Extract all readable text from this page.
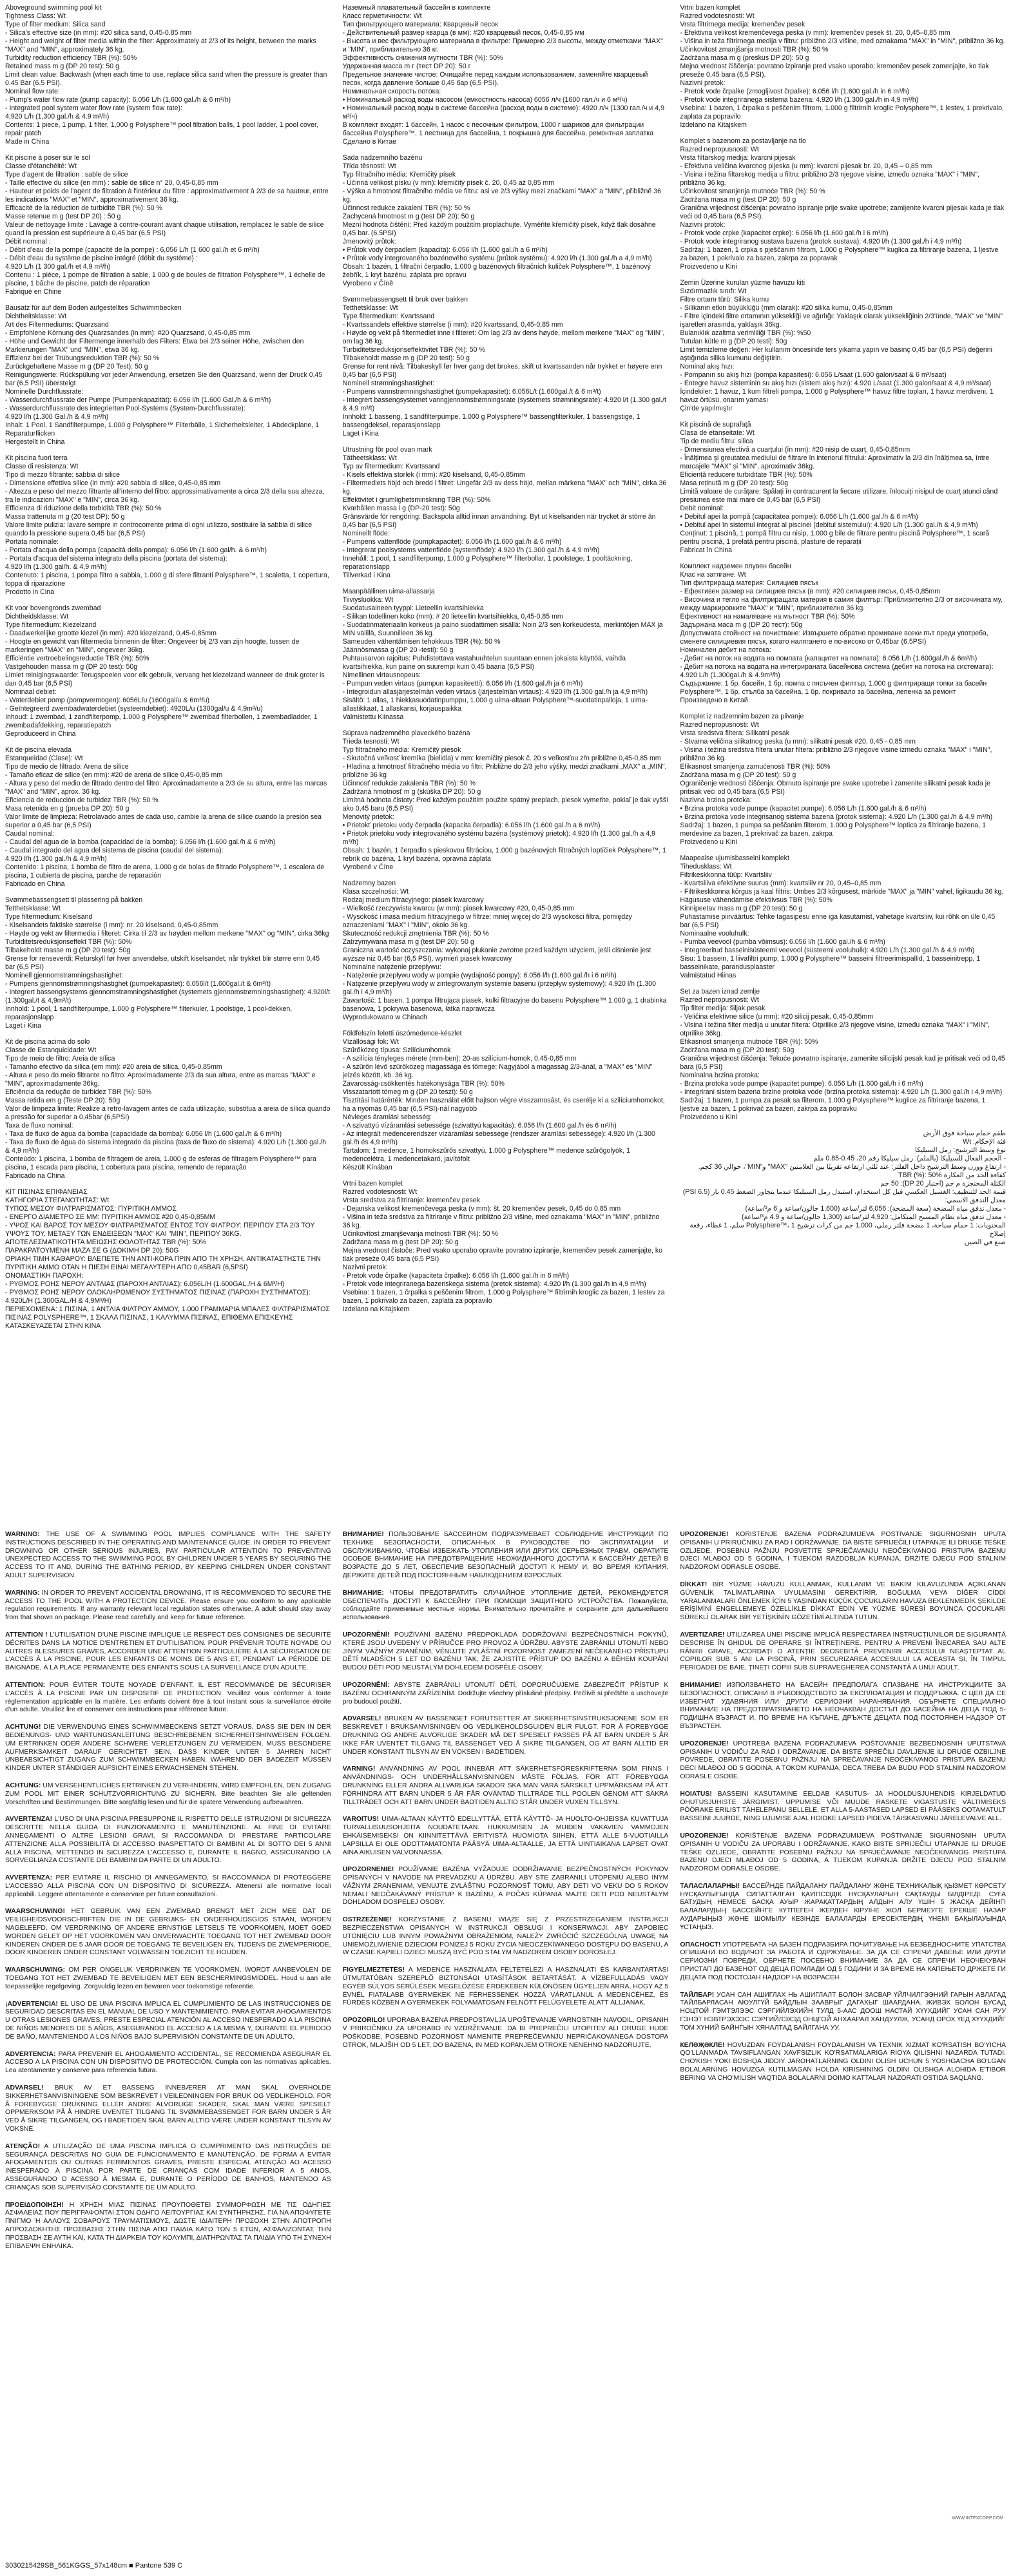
Aboveground swimming pool kit
Tightness Class: Wt
Type of filter medium: Silica sand
- Silica's effective size (in mm): #20 silica sand, 0.45-0.85 mm
- Height and weight of filter media within the filter: Approximately at 2/3 of its height, between the marks "MAX" and "MIN", approximately 36 kg.
Turbidity reduction efficiency TBR (%): 50%
Retained mass m g (DP 20 test): 50 g
Limit clean value: Backwash (when each time to use, replace silica sand when the pressure is greater than 0.45 Bar (6.5 PSI).
Nominal flow rate:
- Pump's water flow rate (pump capacity): 6,056 L/h (1,600 gal./h & 6 m³/h)
- Integrated pool system water flow rate (system flow rate):
4,920 L/h (1,300 gal./h & 4.9 m³/h)
Contents: 1 piece, 1 pump, 1 filter, 1,000 g Polysphere™ pool filtration balls, 1 pool ladder, 1 pool cover, repair patch
Made in China
Kit piscine à poser sur le sol
Classe d'étanchéité: Wt
Type d'agent de filtration : sable de silice
- Taille effective du silice (en mm) : sable de silice n° 20, 0,45-0,85 mm
- Hauteur et poids de l'agent de filtration à l'intérieur du filtre : approximativement à 2/3 de sa hauteur, entre les indications "MAX" et "MIN", approximativement 36 kg.
Efficacité de la réduction de turbidité TBR (%): 50 %
Masse retenue m g (test DP 20) : 50 g
Valeur de nettoyage limite : Lavage à contre-courant avant chaque utilisation, remplacez le sable de silice quand la pression est supérieure à 0,45 bar (6,5 PSI)
Débit nominal :
- Débit d'eau de la pompe (capacité de la pompe) : 6,056 L/h (1 600 gal./h et 6 m³/h)
- Débit d'eau du système de piscine intégré (débit du système) :
4,920 L/h (1 300 gal./h et 4,9 m³/h)
Contenu : 1 pièce, 1 pompe de filtration à sable, 1 000 g de boules de filtration Polysphere™, 1 échelle de piscine, 1 bâche de piscine, patch de réparation
Fabriqué en Chine
Bausatz für auf dem Boden aufgestelltes Schwimmbecken
Dichtheitsklasse: Wt
Art des Filtermediums: Quarzsand
- Empfohlene Körnung des Quarzsandes (in mm): #20 Quarzsand, 0,45-0,85 mm
- Höhe und Gewicht der Filtermenge innerhalb des Filters: Etwa bei 2/3 seiner Höhe, zwischen den Markierungen "MAX" und "MIN", etwa 36 kg.
Effizienz bei der Trübungsreduktion TBR (%): 50 %
Zurückgehaltene Masse m g (DP 20 Test): 50 g
Reinigungswerte: Rückspülung vor jeder Anwendung, ersetzen Sie den Quarzsand, wenn der Druck 0,45 bar (6,5 PSI) übersteigt
Nominelle Durchflussrate:
- Wasserdurchflussrate der Pumpe (Pumpenkapazität): 6.056 l/h (1.600 Gal./h & 6 m³/h)
- Wasserdurchflussrate des integrierten Pool-Systems (System-Durchflussrate):
4.920 l/h (1.300 Gal./h & 4,9 m³/h)
Inhalt: 1 Pool, 1 Sandfilterpumpe, 1.000 g Polysphere™ Filterbälle, 1 Sicherheitsleiter, 1 Abdeckplane, 1 Reparaturflicken
Hergestellt in China
Kit piscina fuori terra
Classe di resistenza: Wt
Tipo di mezzo filtrante: sabbia di silice
- Dimensione effettiva silice (in mm): #20 sabbia di silice, 0,45-0,85 mm
- Altezza e peso del mezzo filtrante all'interno del filtro: approssimativamente a circa 2/3 della sua altezza, tra le indicazioni "MAX" e "MIN", circa 36 kg.
Efficienza di riduzione della torbidità TBR (%): 50 %
Massa trattenuta m g (20 test DP): 50 g
Valore limite pulizia: lavare sempre in controcorrente prima di ogni utilizzo, sostituire la sabbia di silice quando la pressione supera 0,45 bar (6,5 PSI)
Portata nominale:
- Portata d'acqua della pompa (capacità della pompa): 6.056 l/h (1.600 gal/h. & 6 m³/h)
- Portata d'acqua del sistema integrato della piscina (portata del sistema):
4.920 l/h (1.300 gal/h. & 4,9 m³/h)
Contenuto: 1 piscina, 1 pompa filtro a sabbia, 1.000 g di sfere filtranti Polysphere™, 1 scaletta, 1 copertura, toppa di riparazione
Prodotto in Cina
Kit voor bovengronds zwembad
Dichtheidsklasse: Wt
Type filtermedium: Kiezelzand
- Daadwerkelijke grootte kiezel (in mm): #20 kiezelzand, 0,45-0,85mm
- Hoogte en gewicht van filtermedia binnenin de filter: Ongeveer bij 2/3 van zijn hoogte, tussen de markeringen "MAX" en "MIN", ongeveer 36kg.
Efficiëntie vertroebelingsreductie TBR (%): 50%
Vastgehouden massa m g (DP 20 test): 50g
Limiet reinigingswaarde: Terugspoelen voor elk gebruik, vervang het kiezelzand wanneer de druk groter is dan 0,45 bar (6,5 PSI)
Nominaal debiet:
- Waterdebiet pomp (pompvermogen): 6056L/u (1600gal/u & 6m³/u)
- Geïntegreerd zwembadwaterdebiet (systeemdebiet): 4920L/u (1300gal/u & 4,9m³/u)
Inhoud: 1 zwembad, 1 zandfilterpomp, 1.000 g Polysphere™ zwembad filterbollen, 1 zwembadladder, 1 zwembadafdekking, reparatiepatch
Geproduceerd in China
Kit de piscina elevada
Estanqueidad (Clase): Wt
Tipo de medio de filtrado: Arena de sílice
- Tamaño eficaz de sílice (en mm): #20 de arena de sílice 0,45-0,85 mm
- Altura y peso del medio de filtrado dentro del filtro: Aproximadamente a 2/3 de su altura, entre las marcas "MAX" and "MIN", aprox. 36 kg.
Eficiencia de reducción de turbidez TBR (%): 50 %
Masa retenida en g (prueba DP 20): 50 g
Valor límite de limpieza: Retrolavado antes de cada uso, cambie la arena de sílice cuando la presión sea superior a 0,45 bar (6,5 PSI)
Caudal nominal:
- Caudal del agua de la bomba (capacidad de la bomba): 6.056 l/h (1.600 gal./h & 6 m³/h)
- Caudal integrado del agua del sistema de piscina (caudal del sistema):
4.920 l/h (1.300 gal./h & 4,9 m³/h)
Contenido: 1 piscina, 1 bomba de filtro de arena, 1.000 g de bolas de filtrado Polysphere™, 1 escalera de piscina, 1 cubierta de piscina, parche de reparación
Fabricado en China
Svømmebassengsett til plassering på bakken
Tetthetsklasse: Wt
Type filtermedium: Kiselsand
- Kiselsandets faktiske størrelse (i mm): nr. 20 kiselsand, 0,45-0,85mm
- Høyde og vekt av filtermedia i filteret: Cirka til 2/3 av høyden mellom merkene "MAX" og "MIN", cirka 36kg
Turbiditetsreduksjonseffekt TBR (%): 50%
Tilbakeholdt masse m g (DP 20 test): 50g
Grense for renseverdi: Returskyll før hver anvendelse, utskift kiselsandet, når trykket blir større enn 0,45 bar (6,5 PSI)
Nominell gjennomstrømningshastighet:
- Pumpens gjennomstrømningshastighet (pumpekapasitet): 6.056l/t (1.600gal./t & 6m³/t)
- Integrert bassengsystems gjennomstrømningshastighet (systemets gjennomstrømningshastighet): 4.920l/t (1.300gal./t & 4,9m³/t)
Innhold: 1 pool, 1 sandfilterpumpe, 1.000 g Polysphere™ filterkuler, 1 poolstige, 1 pool-dekken, reparasjonslapp
Laget i Kina
Kit de piscina acima do solo
Classe de Estanquicidade: Wt
Tipo de meio de filtro: Areia de sílica
- Tamanho efectivo da sílica (em mm): #20 areia de sílica, 0,45-0,85mm
- Altura e peso do meio filtrante no filtro: Aproximadamente 2/3 da sua altura, entre as marcas "MAX" e "MIN", aproximadamente 36kg.
Eficiência da redução de turbidez TBR (%): 50%
Massa retida em g (Teste DP 20): 50g
Valor de limpeza limite: Realize a retro-lavagem antes de cada utilização, substitua a areia de sílica quando a pressão for superior a 0,45bar (6,5PSI)
Taxa de fluxo nominal:
- Taxa de fluxo de água da bomba (capacidade da bomba): 6.056 l/h (1.600 gal./h & 6 m³/h)
- Taxa de fluxo de água do sistema integrado da piscina (taxa de fluxo do sistema): 4.920 L/h (1.300 gal./h & 4,9 m³/h)
Conteúdo: 1 piscina, 1 bomba de filtragem de areia, 1.000 g de esferas de filtragem Polysphere™ para piscina, 1 escada para piscina, 1 cobertura para piscina, remendo de reparação
Fabricado na China
ΚΙΤ ΠΙΣΙΝΑΣ ΕΠΙΦΑΝΕΙΑΣ
ΚΑΤΗΓΟΡΙΑ ΣΤΕΓΑΝΟΤΗΤΑΣ: Wt
ΤΥΠΟΣ ΜΕΣΟΥ ΦΙΛΤΡΑΡΙΣΜΑΤΟΣ: ΠΥΡΙΤΙΚΗ ΑΜΜΟΣ
- ΕΝΕΡΓΟ ΔΙΑΜΕΤΡΟ ΣΕ ΜΜ: ΠΥΡΙΤΙΚΗ ΑΜΜΟΣ #20 0,45-0,85ΜΜ
- ΥΨΟΣ ΚΑΙ ΒΑΡΟΣ ΤΟΥ ΜΕΣΟΥ ΦΙΛΤΡΑΡΙΣΜΑΤΟΣ ΕΝΤΟΣ ΤΟΥ ΦΙΛΤΡΟΥ: ΠΕΡΙΠΟΥ ΣΤΑ 2/3 ΤΟΥ ΥΨΟΥΣ ΤΟΥ, ΜΕΤΑΞΥ ΤΩΝ ΕΝΔΕΙΞΕΩΝ "MAX" ΚΑΙ "MIN", ΠΕΡΙΠΟΥ 36KG.
ΑΠΟΤΕΛΕΣΜΑΤΙΚΟΤΗΤΑ ΜΕΙΩΣΗΣ ΘΟΛΟΤΗΤΑΣ TBR (%): 50%
ΠΑΡΑΚΡΑΤΟΥΜΕΝΗ ΜΑΖΑ ΣΕ G (ΔΟΚΙΜΗ DP 20): 50G
ΟΡΙΑΚΗ ΤΙΜΗ ΚΑΘΑΡΟΥ: ΒΛΕΠΕΤΕ ΤΗΝ ΑΝΤΙ-ΚΟΡΑ ΠΡΙΝ ΑΠΟ ΤΗ ΧΡΗΣΗ, ΑΝΤΙΚΑΤΑΣΤΗΣΤΕ ΤΗΝ ΠΥΡΙΤΙΚΗ ΑΜΜΟ ΟΤΑΝ Η ΠΙΕΣΗ ΕΙΝΑΙ ΜΕΓΑΛΥΤΕΡΗ ΑΠΟ 0,45ΒΑR (6,5PSI)
ΟΝΟΜΑΣΤΙΚΗ ΠΑΡΟΧΗ:
- ΡΥΘΜΟΣ ΡΟΗΣ ΝΕΡΟΥ ΑΝΤΛΙΑΣ (ΠΑΡΟΧΗ ΑΝΤΛΙΑΣ): 6.056L/H (1.600GAL./H & 6M³/H)
- ΡΥΘΜΟΣ ΡΟΗΣ ΝΕΡΟΥ ΟΛΟΚΛΗΡΩΜΕΝΟΥ ΣΥΣΤΗΜΑΤΟΣ ΠΙΣΙΝΑΣ (ΠΑΡΟΧΗ ΣΥΣΤΗΜΑΤΟΣ): 4.920L/H (1.300GAL./H & 4,9M³/H)
ΠΕΡΙΕΧΟΜΕΝΑ: 1 ΠΙΣΙΝΑ, 1 ΑΝΤΛΙΑ ΦΙΛΤΡΟΥ ΑΜΜΟΥ, 1.000 ΓΡΑΜΜΑΡΙΑ ΜΠΑΛΕΣ ΦΙΛΤΡΑΡΙΣΜΑΤΟΣ ΠΙΣΙΝΑΣ POLYSPHERE™, 1 ΣΚΑΛΑ ΠΙΣΙΝΑΣ, 1 ΚΑΛΥΜΜΑ ΠΙΣΙΝΑΣ, ΕΠΙΘΕΜΑ ΕΠΙΣΚΕΥΗΣ
ΚΑΤΑΣΚΕΥΑΖΕΤΑΙ ΣΤΗΝ ΚΙΝΑ
Наземный плавательный бассейн в комплекте
Класс герметичности: Wt
Тип фильтрующего материала: Кварцевый песок
- Действительный размер кварца (в мм): #20 кварцевый песок, 0,45-0,85 мм
- Высота и вес фильтрующего материала в фильтре: Примерно 2/3 высоты, между отметками "MAX" и "MIN", приблизительно 36 кг.
Эффективность снижения мутности TBR (%): 50%
Удержанная масса m г (тест DP 20): 50 г
Предельное значение чистое: Очищайте перед каждым использованием, заменяйте кварцевый песок, когда давление больше 0,45 бар (6,5 PSI).
Номинальная скорость потока:
• Номинальный расход воды насосом (емкостность насоса) 6056 л/ч (1600 гал./ч и 6 м³/ч)
• Номинальный расход воды в системе бассейна (расход воды в системе): 4920 л/ч (1300 гал./ч и 4,9 м³/ч)
В комплект входят: 1 бассейн, 1 насос с песочным фильтром, 1000 г шариков для фильтрации бассейна Polysphere™, 1 лестница для бассейна, 1 покрышка для бассейна, ремонтная заплатка
Сделано в Китае
Sada nadzemního bazénu
Třída těsnosti: Wt
Typ filtračního média: Křemičitý písek
- Účinná velikost písku (v mm): křemičitý písek č. 20, 0,45 až 0,85 mm
- Výška a hmotnost filtračního média ve filtru: asi ve 2/3 výšky mezi značkami "MAX" a "MIN", přibližně 36 kg.
Účinnost redukce zakalení TBR (%): 50 %
Zachycená hmotnost m g (test DP 20): 50 g
Mezní hodnota čištění: Před každým použitím proplachujte. Vyměňte křemičitý písek, když tlak dosáhne 0,45 bar. (6.5PSI)
Jmenovitý průtok:
• Průtok vody čerpadlem (kapacita): 6.056 l/h (1.600 gal./h a 6 m³/h)
• Průtok vody integrovaného bazénového systému (průtok systému): 4.920 l/h (1.300 gal./h a 4,9 m³/h)
Obsah: 1 bazén, 1 filtrační čerpadlo, 1.000 g bazénových filtračních kuliček Polysphere™, 1 bazénový žebřík, 1 kryt bazénu, záplata pro opravu
Vyrobeno v Číně
Svømmebassengsett til bruk over bakken
Tetthetsklasse: Wt
Type filtermedium: Kvartssand
- Kvartssandets effektive størrelse (i mm): #20 kvartssand, 0,45-0,85 mm
- Høyde og vekt på filtermediet inne i filteret: Om lag 2/3 av dens høyde, mellom merkene "MAX" og "MIN", om lag 36 kg.
Turbiditetsreduksjonseffektivitet TBR (%): 50 %
Tilbakeholdt masse m g (DP 20 test): 50 g
Grense for rent nivå: Tilbakeskyll før hver gang det brukes, skift ut kvartssanden når trykket er høyere enn 0,45 bar (6,5 PSI)
Nominell strømningshastighet:
- Pumpens vannstrømningshastighet (pumpekapasitet): 6.056L/t (1.600gal./t & 6 m³/t)
- Integrert bassengsystemet vanngjennomstrømningsrate (systemets strømningsrate): 4.920 l/t (1.300 gal./t & 4,9 m³/t)
Innhold: 1 basseng, 1 sandfilterpumpe, 1.000 g Polysphere™ bassengfilterkuler, 1 bassengstige, 1 bassengdeksel, reparasjonslapp
Laget i Kina
Utrustning för pool ovan mark
Tätheetsklass: Wt
Typ av filtermedium: Kvartssand
- Kisels effektiva storlek (i mm): #20 kiselsand, 0,45-0,85mm
- Filtermediets höjd och bredd i filtret: Ungefär 2/3 av dess höjd, mellan märkena "MAX" och "MIN", cirka 36 kg.
Effektivitet i grumlighetsminskning TBR (%): 50%
Kvarhållen massa i g (DP-20 test): 50g
Gränsvärde för rengöring: Backspola alltid innan användning. Byt ut kiselsanden när trycket är större än 0,45 bar (6,5 PSI)
Nominellt flöde:
- Pumpens vattenflöde (pumpkapacitet): 6.056 l/h (1.600 gal./h & 6 m³/h)
- Integrerat poolsystems vattenflöde (systemflöde): 4.920 l/h (1.300 gal./h & 4,9 m³/h)
Innehåll: 1 pool, 1 sandfilterpump, 1.000 g Polysphere™ filterbollar, 1 poolstege, 1 pooltäckning, reparationslapp
Tillverkad i Kina
Maanpäällinen uima-allassarja
Tiiviysluokka: Wt
Suodatusaineen tyyppi: Lieteellin kvartsihiekka
- Silikan todellinen koko (mm): # 20 lieteellin kvartsihiekka, 0,45-0,85 mm
- Suodatinmateriaalin korkeus ja paino suodattimen sisällä: Noin 2/3 sen korkeudesta, merkintöjen MAX ja MIN välillä, Suunnilleen 36 kg.
Sameuden vähentämisen tehokkuus TBR (%): 50 %
Jäännösmassa g (DP 20 -testi): 50 g
Puhtausarvon rajoitus: Puhdistettava vastahuuhtelun suuntaan ennen jokaista käyttöä, vaihda kvartsihiekka, kun paine on suurempi kuin 0,45 baaria (6,5 PSI)
Nimellinen virtausnopeus:
- Pumpun veden virtaus (pumpun kapasiteetti): 6.056 l/h (1.600 gal./h ja 6 m³/h)
- Integroidun allasjärjestelmän veden virtaus (järjestelmän virtaus): 4.920 l/h (1.300 gal./h ja 4,9 m³/h)
Sisältö: 1 allas, 1 hiekkasuodatinpumppu, 1.000 g uima-altaan Polysphere™-suodatinpalloja, 1 uima-allastikkaat, 1 allaskansi, korjauspaikka
Valmistettu Kiinassa
Súprava nadzemného plaveckého bazéna
Trieda tesnosti: Wt
Typ filtračného média: Kremičitý piesok
- Skutočná veľkosť kremíka (bielidla) v mm: kremičitý piesok č. 20 s veľkosťou zŕn približne 0,45-0,85 mm
- Hladina a hmotnosť filtračného média vo filtri: Približne do 2/3 jeho výšky, medzi značkami „MAX" a „MIN", približne 36 kg
Účinnosť redukcie zakalenia TBR (%): 50 %
Zadržaná hmotnosť m g (skúška DP 20): 50 g
Limitná hodnota čistoty: Pred každým použitím použite spätný preplach, piesok vymeňte, pokiaľ je tlak vyšší ako 0,45 baru (6,5 PSI)
Menovitý prietok:
• Prietokť prietoku vody čerpadla (kapacita čerpadla): 6.056 l/h (1.600 gal./h a 6 m³/h)
• Prietok prietoku vody integrovaného systému bazéna (systémový prietok): 4.920 l/h (1.300 gal./h a 4,9 m³/h)
Obsah: 1 bazén, 1 čerpadlo s pieskovou filtráciou, 1.000 g bazénových filtračných loptičiek Polysphere™, 1 rebrík do bazéna, 1 kryt bazéna, opravná záplata
Vyrobené v Číne
Nadzemny bazen
Klasa szczelności: Wt
Rodzaj medium filtracyjnego: piasek kwarcowy
- Wielkość rzeczywista kwarcu (w mm): piasek kwarcowy #20, 0,45-0,85 mm
- Wysokość i masa medium filtracyjnego w filtrze: mniej więcej do 2/3 wysokości filtra, pomiędzy oznaczeniami "MAX" i "MIN", około 36 kg.
Skuteczność redukcji zmętnienia TBR (%): 50 %
Zatrzymywana masa m g (test DP 20): 50 g
Graniczna wartość oczyszczania: wykonaj płukanie zwrotne przed każdym użyciem, jeśli ciśnienie jest wyższe niż 0,45 bar (6,5 PSI), wymień piasek kwarcowy
Nominalne natężenie przepływu:
- Natężenie przepływu wody w pompie (wydajność pompy): 6.056 l/h (1.600 gal./h i 6 m³/h)
- Natężenie przepływu wody w zintegrowanym systemie basenu (przepływ systemowy): 4.920 l/h (1.300 gal./h i 4,9 m³/h)
Zawartość: 1 basen, 1 pompa filtrująca piasek, kulki filtracyjne do basenu Polysphere™ 1.000 g, 1 drabinka basenowa, 1 pokrywa basenowa, łatka naprawcza
Wyprodukowano w Chinach
Földfelszín feletti úszómedence-készlet
Vízállósági fok: Wt
Szűrőközeg típusa: Szilíciumhomok
- A szilícia tényleges mérete (mm-ben): 20-as szilícium-homok, 0,45-0,85 mm
- A szűrőn lévő szűrőközeg magassága és tömege: Nagyjából a magasság 2/3-ánál, a "MAX" és "MIN" jelzés között, kb. 36 kg.
Zavarosság-csökkentés hatékonysága TBR (%): 50%
Visszatartott tömeg m g (DP 20 teszt): 50 g
Tisztítási határérték: Minden használat előtt hajtson végre visszamosást, és cserélje ki a szilíciumhomokot, ha a nyomás 0,45 bar (6,5 PSI)-nál nagyobb
Névleges áramlási sebesség:
- A szivattyú vízáramlási sebessége (szivattyú kapacitás): 6.056 l/h (1.600 gal./h és 6 m³/h)
- Az integrált medencerendszer vízáramlási sebessége (rendszer áramlási sebessége): 4.920 l/h (1.300 gal./h és 4,9 m³/h)
Tartalom: 1 medence, 1 homokszűrős szivattyú, 1.000 g Polysphere™ medence szűrőgolyók, 1 medencelétra, 1 medencetakaró, javítófolt
Készült Kínában
Vrtni bazen komplet
Razred vodotesnosti: Wt
Vrsta sredstva za filtriranje: kremenčev pesek
- Dejanska velikost kremenčevega peska (v mm): št. 20 kremenčev pesek, 0,45 do 0,85 mm
- Višina in teža sredstva za filtriranje v filtru: približno 2/3 višine, med oznakama "MAX" in "MIN", približno 36 kg.
Učinkovitost zmanjševanja motnosti TBR (%): 50 %
Zadržana masa m g (test DP 20): 50 g
Mejna vrednost čistoče: Pred vsako uporabo opravite povratno izpiranje, kremenčev pesek zamenjajte, ko tlak preseže 0,45 bara (6,5 PSI)
Nazivni pretok:
- Pretok vode črpalke (kapaciteta črpalke): 6.056 l/h (1.600 gal./h in 6 m³/h)
- Pretok vode integriranega bazenskega sistema (pretok sistema): 4.920 l/h (1.300 gal./h in 4,9 m³/h)
Vsebina: 1 bazen, 1 črpalka s peščenim filtrom, 1.000 g Polysphere™ filtrirnih kroglic za bazen, 1 lestev za bazen, 1 pokrivalo za bazen, zaplata za popravilo
Izdelano na Kitajskem
Vrtni bazen komplet
Razred vodotesnosti: Wt
Vrsta filtrirnega medija: kremenčev pesek
- Efektivna velikost kremenčevega peska (v mm): kremenčev pesek št. 20, 0,45–0,85 mm
- Višina in teža filtrirnega medija v filtru: približno 2/3 višine, med oznakama "MAX" in "MIN", približno 36 kg.
Učinkovitost zmanjšanja motnosti TBR (%): 50 %
Zadržana masa m g (preskus DP 20): 50 g
Mejna vrednost čiščenja: povratno izpiranje pred vsako uporabo; kremenčev pesek zamenjajte, ko tlak preseže 0,45 bara (6,5 PSI).
Nazivni pretok:
- Pretok vode črpalke (zmogljivost črpalke): 6.056 l/h (1.600 gal./h in 6 m³/h)
- Pretok vode integriranega sistema bazena: 4.920 l/h (1.300 gal./h in 4,9 m³/h)
Vsebina: 1 bazen, 1 črpalka s peščenim filtrom, 1.000 g filtrirnih kroglic Polysphere™, 1 lestev, 1 prekrivalo, zaplata za popravilo
Izdelano na Kitajskem
Komplet s bazenom za postavljanje na tlo
Razred nepropusnosti: Wt
Vrsta filtarskog medija: kvarcni pijesak
- Efektivna veličina kvarcnog pijeska (u mm): kvarcni pijesak br. 20, 0,45 – 0,85 mm
- Visina i težina filtarskog medija u filtru: približno 2/3 njegove visine, između oznaka "MAX" i "MIN", približno 36 kg.
Učinkovitost smanjenja mutnoće TBR (%): 50 %
Zadržana masa m g (test DP 20): 50 g
Granična vrijednost čišćenja: povratno ispiranje prije svake upotrebe; zamijenite kvarcni pijesak kada je tlak veći od 0,45 bara (6,5 PSI).
Nazivni protok:
- Protok vode crpke (kapacitet crpke): 6.056 l/h (1.600 gal./h i 6 m³/h)
- Protok vode integriranog sustava bazena (protok sustava): 4.920 l/h (1.300 gal./h i 4,9 m³/h)
Sadržaj: 1 bazen, 1 crpka s pješčanim filtrom, 1.000 g Polysphere™ kuglica za filtriranje bazena, 1 ljestve za bazen, 1 pokrivalo za bazen, zakrpa za popravak
Proizvedeno u Kini
Zemin Üzerine kurulan yüzme havuzu kiti
Sızdırmazlık sınıfı: Wt
Filtre ortamı türü: Silika kumu
- Silikanın etkin büyüklüğü (mm olarak): #20 silika kumu, 0,45-0,85mm
- Filtre içindeki filtre ortamının yüksekliği ve ağırlığı: Yaklaşık olarak yüksekliğinin 2/3'ünde, "MAX" ve "MIN" işaretleri arasında, yaklaşık 36kg.
Bulanıklık azaltma verimliliği TBR (%): %50
Tutulan kütle m g (DP 20 testi): 50g
Limit temizleme değeri: Her kullanım öncesinde ters yıkama yapın ve basınç 0,45 bar (6,5 PSI) değerini aştığında silika kumunu değiştirin.
Nominal akış hızı:
- Pompanın su akış hızı (pompa kapasitesi): 6.056 L/saat (1.600 galon/saat & 6 m³/saat)
- Entegre havuz sisteminin su akış hızı (sistem akış hızı): 4.920 L/saat (1.300 galon/saat & 4,9 m³/saat)
İçindekiler: 1 havuz, 1 kum filtreli pompa, 1.000 g Polysphere™ havuz filtre topları, 1 havuz merdiveni, 1 havuz örtüsü, onarım yaması
Çin'de yapılmıştır
Kit piscină de suprafață
Clasa de etanșeitate: Wt
Tip de mediu filtru: silica
- Dimensiunea efectivă a cuarțului (în mm): #20 nisip de cuarț, 0,45-0,85mm
- Înălțimea și greutatea mediului de filtrare în interiorul filtrului: Aproximativ la 2/3 din înălțimea sa, între marcajele "MAX" și "MIN", aproximativ 36kg.
Eficiență reducere turbiditate TBR (%): 50%
Masa reținută m g (DP 20 test): 50g
Limită valoare de curățare: Spălați în contracurent la fiecare utilizare, înlocuiți nisipul de cuarț atunci când presiunea este mai mare de 0,45 bar (6,5 PSI)
Debit nominal:
• Debitul apei la pompă (capacitatea pompei): 6.056 L/h (1.600 gal./h & 6 m³/h)
• Debitul apei în sistemul integrat al piscinei (debitul sistemului): 4.920 L/h (1.300 gal./h & 4,9 m³/h)
Conținut: 1 piscină, 1 pompă filtru cu nisip, 1.000 g bile de filtrare pentru piscină Polysphere™, 1 scară pentru piscină, 1 prelată pentru piscină, plasture de reparații
Fabricat în China
Комплект надземен плувен басейн
Клас на затягане: Wt
Тип филтрираща материя: Силициев пясък
- Ефективен размер на силициев пясък (в mm): #20 силициев пясък, 0,45-0,85mm
- Височина и тегло на филтриращата материя в самия филтър: Приблизително 2/3 от височината му, между маркировките "MAX" и "MIN", приблизително 36 kg.
Ефективност на намаляване на мътност TBR (%): 50%
Задържана маса m g (DP 20 тест): 50g
Допустимата стойност на почистване: Извършете обратно промиване всеки път преди употреба, сменете силициевия пясък, когато налягането е по-високо от 0,45bar (6.5PSI)
Номинален дебит на потока:
- Дебит на поток на водата на помпата (капацитет на помпата): 6.056 L/h (1.600gal./h & 6m³/h)
- Дебит на потока на водата на интегрираната басейнова система (дебит на потока на системата): 4.920 L/h (1.300gal./h & 4.9m³/h)
Съдържание: 1 бр. басейн, 1 бр. помпа с пясъчен филтър, 1.000 g филтриращи топки за басейн Polysphere™, 1 бр. стълба за басейна, 1 бр. покривало за басейна, лепенка за ремонт
Произведено в Китай
Komplet iz nadzemnim bazen za plivanje
Razred nepropusnosti: Wt
Vrsta sredstva filtera: Silikatni pesak
- Stvarna veličina silikatnog peska (u mm): silikatni pesak #20, 0,45 - 0,85 mm
- Visina i težina sredstva filtera unutar filtera: približno 2/3 njegove visine između oznaka "MAX" i "MIN", približno 36 kg.
Efikasnost smanjenja zamućenosti TBR (%): 50%
Zadržana masa m g (DP 20 test): 50 g
Ograničenje vrednosti čišćenja: Obrnuto ispiranje pre svake upotrebe i zamenite silikatni pesak kada je pritisak veći od 0,45 bara (6,5 PSI)
Nazivna brzina protoka:
• Brzina protoka vode pumpe (kapacitet pumpe): 6.056 L/h (1.600 gal./h & 6 m³/h)
• Brzina protoka vode integrisanog sistema bazena (protok sistema): 4.920 L/h (1.300 gal./h & 4,9 m³/h)
Sadržaj: 1 bazen, 1 pumpa sa peščanim filterom, 1.000 g Polysphere™ loptica za filtriranje bazena, 1 merdevine za bazen, 1 prekrivač za bazen, zakrpa
Proizvedeno u Kini
Maapealse ujumisbasseini komplekt
Tihedusklass: Wt
Filtrikeskkonna tüüp: Kvartsliiv
- Kvartsliiva efektiivne suurus (mm): kvartsliiv nr 20, 0,45–0,85 mm
- Filtrikeskkonna kõrgus ja kaal filtris: Umbes 2/3 kõrgusest, märkide "MAX" ja "MIN" vahel, ligikaudu 36 kg.
Hägususe vähendamise efektiivsus TBR (%): 50%
Kinnipeetav mass m g (DP 20 test): 50 g
Puhastamise piirväärtus: Tehke tagasipesu enne iga kasutamist, vahetage kvartsliiv, kui rõhk on üle 0,45 bar (6,5 PSI)
Nominaalne vooluhulk:
- Pumba veevool (pumba võimsus): 6.056 l/h (1.600 gal./h & 6 m³/h)
- Integreeritud basseinisüsteemi veevool (süsteemi vooluhulk): 4.920 L/h (1.300 gal./h & 4,9 m³/h)
Sisu: 1 bassein, 1 liivafiltri pump, 1.000 g Polysphere™ basseini filtreerimispallid, 1 basseinitrepp, 1 basseinikate, parandusplaaster
Valmistatud Hiinas
Set za bazen iznad zemlje
Razred nepropusnosti: Wt
Tip filter medija: šiljak pesak
- Veličina efektivne silice (u mm): #20 silicij pesak, 0,45-0,85mm
- Visina i težina filter medija u unutar filtera: Otprilike 2/3 njegove visine, između oznaka "MAX" i "MIN", otprilike 36kg.
Efikasnost smanjenja mutnoće TBR (%): 50%
Zadržana masa m g (DP 20 test): 50g
Granična vrijednost čišćenja: Tekuće povratno ispiranje, zamenite silicijski pesak kad je pritisak veći od 0,45 bara (6,5 PSI)
Nominalna brzina protoka:
- Brzina protoka vode pumpe (kapacitet pumpe): 6.056 L/h (1.600 gal./h i 6 m³/h)
- Integrirani sistem bazena brzine protoka vode (brzina protoka sistema): 4.920 L/h (1.300 gal./h i 4,9 m³/h)
Sadržaj: 1 bazen, 1 pumpa za pesak sa filterom, 1.000 g Polysphere™ kuglice za filtriranje bazena, 1 ljestve za bazen, 1 pokrivač za bazen, zakrpa za popravku
Proizvedeno u Kini
طقم حمام سباحة فوق الأرض
فئة الإحكام: Wt
نوع وسط الترشيح: رمل السيليكا
- الحجم الفعال للسيليكا (بالملم): رمل سيليكا رقم 20، 0.45-0.85 ملم
- ارتفاع ووزن وسط الترشيح داخل الفلتر: عند ثلثي ارتفاعه تقريبًا بين العلامتين "MAX" و"MIN"، حوالي 36 كجم.
كفاءة الحد من العكارة TBR (%): 50%
الكتلة المحتجزة م جم (اختبار DP 20): 50 جم
قيمة الحد للتنظيف: الغسيل العكسي قبل كل استخدام، استبدل رمل السيليكا عندما يتجاوز الضغط 0.45 بار (6.5 PSI)
معدل التدفق الاسمي:
- معدل تدفق مياه المضخة (سعة المضخة): 6,056 لتر/ساعة (1,600 جالون/ساعة و 6 م³/ساعة)
- معدل تدفق مياه نظام المسبح المتكامل: 4,920 لتر/ساعة (1,300 جالون/ساعة و 4.9 م³/ساعة)
المحتويات: 1 حمام سباحة، 1 مضخة فلتر رملي، 1,000 جم من كرات ترشيح Polysphere™، 1 سلم، 1 غطاء، رقعة إصلاح
صنع في الصين
WARNING: THE USE OF A SWIMMING POOL IMPLIES COMPLIANCE WITH THE SAFETY INSTRUCTIONS DESCRIBED IN THE OPERATING AND MAINTENANCE GUIDE. IN ORDER TO PREVENT DROWNING OR OTHER SERIOUS INJURIES, PAY PARTICULAR ATTENTION TO PREVENTING UNEXPECTED ACCESS TO THE SWIMMING POOL BY CHILDREN UNDER 5 YEARS BY SECURING THE ACCESS TO IT AND, DURING THE BATHING PERIOD, BY KEEPING CHILDREN UNDER CONSTANT ADULT SUPERVISION.
WARNING: IN ORDER TO PREVENT ACCIDENTAL DROWNING, IT IS RECOMMENDED TO SECURE THE ACCESS TO THE POOL WITH A PROTECTION DEVICE. Please ensure you conform to any applicable regulation requirements. If any warranty relevant local regulation states otherwise, A adult should stay away from that shown on package. Please read carefully and keep for future reference.
ATTENTION ! L'UTILISATION D'UNE PISCINE IMPLIQUE LE RESPECT DES CONSIGNES DE SÉCURITÉ DÉCRITES DANS LA NOTICE D'ENTRETIEN ET D'UTILISATION. POUR PRÉVENIR TOUTE NOYADE OU AUTRES BLESSURES GRAVES, ACCORDER UNE ATTENTION PARTICULIÈRE À LA SÉCURISATION DE L'ACCÈS À LA PISCINE, POUR LES ENFANTS DE MOINS DE 5 ANS ET, PENDANT LA PÉRIODE DE BAIGNADE, À LA PLACE PERMANENTE DES ENFANTS SOUS LA SURVEILLANCE D'UN ADULTE.
ATTENTION: POUR ÉVITER TOUTE NOYADE D'ENFANT, IL EST RECOMMANDÉ DE SÉCURISER L'ACCÈS À LA PISCINE PAR UN DISPOSITIF DE PROTECTION. Veuillez vous conformer à toute réglementation applicable en la matière. Les enfants doivent être à tout instant sous la surveillance étroite d'un adulte. Veuillez lire et conserver ces instructions pour référence future.
ACHTUNG! DIE VERWENDUNG EINES SCHWIMMBECKENS SETZT VORAUS, DASS SIE DEN IN DER BEDIENUNGS- UND WARTUNGSANLEITUNG BESCHRIEBENEN SICHERHEITSHINWEISEN FOLGEN. UM ERTRINKEN ODER ANDERE SCHWERE VERLETZUNGEN ZU VERMEIDEN, MUSS BESONDERE AUFMERKSAMKEIT DARAUF GERICHTET SEIN, DASS KINDER UNTER 5 JAHREN NICHT UNBEABSICHTIGT ZUGANG ZUM SCHWIMMBECKEN HABEN. WÄHREND DER BADEZEIT MÜSSEN KINDER UNTER STÄNDIGER AUFSICHT EINES ERWACHSENEN STEHEN.
ACHTUNG: UM VERSEHENTLICHES ERTRINKEN ZU VERHINDERN, WIRD EMPFOHLEN, DEN ZUGANG ZUM POOL MIT EINER SCHUTZVORRICHTUNG ZU SICHERN. Bitte beachten Sie alle geltenden Vorschriften und Bestimmungen. Bitte sorgfältig lesen und für die spätere Verwendung aufbewahren.
AVVERTENZA! L'USO DI UNA PISCINA PRESUPPONE IL RISPETTO DELLE ISTRUZIONI DI SICUREZZA DESCRITTE NELLA GUIDA DI FUNZIONAMENTO E MANUTENZIONE. AL FINE DI EVITARE ANNEGAMENTI O ALTRE LESIONI GRAVI, SI RACCOMANDA DI PRESTARE PARTICOLARE ATTENZIONE ALLA POSSIBILITÀ DI ACCESSO INASPETTATO DI BAMBINI AL DI SOTTO DEI 5 ANNI ALLA PISCINA, METTENDO IN SICUREZZA L'ACCESSO E, DURANTE IL BAGNO, ASSICURANDO LA SORVEGLIANZA COSTANTE DEI BAMBINI DA PARTE DI UN ADULTO.
AVVERTENZA: PER EVITARE IL RISCHIO DI ANNEGAMENTO, SI RACCOMANDA DI PROTEGGERE L'ACCESSO ALLA PISCINA CON UN DISPOSITIVO DI SICUREZZA. Attenersi alle normative locali applicabili. Leggere attentamente e conservare per future consultazioni.
WAARSCHUWING! HET GEBRUIK VAN EEN ZWEMBAD BRENGT MET ZICH MEE DAT DE VEILIGHEIDSVOORSCHRIFTEN DIE IN DE GEBRUIKS- EN ONDERHOUDSGIDS STAAN, WORDEN NAGELEEFD. OM VERDRINKING OF ANDERE ERNSTIGE LETSELS TE VOORKOMEN, MOET GOED WORDEN GELET OP HET VOORKOMEN VAN ONVERWACHTE TOEGANG TOT HET ZWEMBAD DOOR KINDEREN ONDER DE 5 JAAR DOOR DE TOEGANG TE BEVEILIGEN EN, TIJDENS DE ZWEMPERIODE, DOOR KINDEREN ONDER CONSTANT VOLWASSEN TOEZICHT TE HOUDEN.
WAARSCHUWING: OM PER ONGELUK VERDRINKEN TE VOORKOMEN, WORDT AANBEVOLEN DE TOEGANG TOT HET ZWEMBAD TE BEVEILIGEN MET EEN BESCHERMINGSMIDDEL. Houd u aan alle toepasselijke regelgeving. Zorgvuldig lezen en bewaren voor toekomstige referentie.
¡ADVERTENCIA! EL USO DE UNA PISCINA IMPLICA EL CUMPLIMIENTO DE LAS INSTRUCCIONES DE SEGURIDAD DESCRITAS EN EL MANUAL DE USO Y MANTENIMIENTO. PARA EVITAR AHOGAMIENTOS U OTRAS LESIONES GRAVES, PRESTE ESPECIAL ATENCIÓN AL ACCESO INESPERADO A LA PISCINA DE NIÑOS MENORES DE 5 AÑOS, ASEGURANDO EL ACCESO A LA MISMA Y, DURANTE EL PERIODO DE BAÑO, MANTENIENDO A LOS NIÑOS BAJO SUPERVISIÓN CONSTANTE DE UN ADULTO.
ADVERTENCIA: PARA PREVENIR EL AHOGAMIENTO ACCIDENTAL, SE RECOMIENDA ASEGURAR EL ACCESO A LA PISCINA CON UN DISPOSITIVO DE PROTECCIÓN. Cumpla con las normativas aplicables. Lea atentamente y conserve para referencia futura.
ADVARSEL! BRUK AV ET BASSENG INNEBÆRER AT MAN SKAL OVERHOLDE SIKKERHETSANVISNINGENE SOM BESKREVET I VEILEDNINGEN FOR BRUK OG VEDLIKEHOLD. FOR Å FOREBYGGE DRUKNING ELLER ANDRE ALVORLIGE SKADER, SKAL MAN VÆRE SPESIELT OPPMERKSOM PÅ Å HINDRE UVENTET TILGANG TIL SVØMMEBASSENGET FOR BARN UNDER 5 ÅR VED Å SIKRE TILGANGEN, OG I BADETIDEN SKAL BARN ALLTID VÆRE UNDER KONSTANT TILSYN AV VOKSNE.
ATENÇÃO! A UTILIZAÇÃO DE UMA PISCINA IMPLICA O CUMPRIMENTO DAS INSTRUÇÕES DE SEGURANÇA DESCRITAS NO GUIA DE FUNCIONAMENTO E MANUTENÇÃO. DE FORMA A EVITAR AFOGAMENTOS OU OUTRAS FERIMENTOS GRAVES, PRESTE ESPECIAL ATENÇÃO AO ACESSO INESPERADO À PISCINA POR PARTE DE CRIANÇAS COM IDADE INFERIOR A 5 ANOS, ASSEGURANDO O ACESSO À MESMA E, DURANTE O PERÍODO DE BANHOS, MANTENDO AS CRIANÇAS SOB SUPERVISÃO CONSTANTE DE UM ADULTO.
ΠΡΟΕΙΔΟΠΟΙΗΣΗ! Η ΧΡΗΣΗ ΜΙΑΣ ΠΙΣΙΝΑΣ ΠΡΟΥΠΟΘΕΤΕΙ ΣΥΜΜΟΡΦΩΣΗ ΜΕ ΤΙΣ ΟΔΗΓΙΕΣ ΑΣΦΑΛΕΙΑΣ ΠΟΥ ΠΕΡΙΓΡΑΦΟΝΤΑΙ ΣΤΟΝ ΟΔΗΓΟ ΛΕΙΤΟΥΡΓΙΑΣ ΚΑΙ ΣΥΝΤΗΡΗΣΗΣ. ΓΙΑ ΝΑ ΑΠΟΦΥΓΕΤΕ ΠΝΙΓΜΟ Ή ΑΛΛΟΥΣ ΣΟΒΑΡΟΥΣ ΤΡΑΥΜΑΤΙΣΜΟΥΣ, ΔΩΣΤΕ ΙΔΙΑΙΤΕΡΗ ΠΡΟΣΟΧΗ ΣΤΗΝ ΑΠΟΤΡΟΠΗ ΑΠΡΟΣΔΟΚΗΤΗΣ ΠΡΟΣΒΑΣΗΣ ΣΤΗΝ ΠΙΣΙΝΑ ΑΠΟ ΠΑΙΔΙΑ ΚΑΤΩ ΤΩΝ 5 ΕΤΩΝ, ΑΣΦΑΛΙΖΟΝΤΑΣ ΤΗΝ ΠΡΟΣΒΑΣΗ ΣΕ ΑΥΤΗ ΚΑΙ, ΚΑΤΑ ΤΗ ΔΙΑΡΚΕΙΑ ΤΟΥ ΚΟΛΥΜΠΙ, ΔΙΑΤΗΡΩΝΤΑΣ ΤΑ ΠΑΙΔΙΑ ΥΠΟ ΤΗ ΣΥΝΕΧΗ ΕΠΙΒΛΕΨΗ ΕΝΗΛΙΚΑ.
ВНИМАНИЕ! ПОЛЬЗОВАНИЕ БАССЕЙНОМ ПОДРАЗУМЕВАЕТ СОБЛЮДЕНИЕ ИНСТРУКЦИЙ ПО ТЕХНИКЕ БЕЗОПАСНОСТИ, ОПИСАННЫХ В РУКОВОДСТВЕ ПО ЭКСПЛУАТАЦИИ И ОБСЛУЖИВАНИЮ. ЧТОБЫ ИЗБЕЖАТЬ УТОПЛЕНИЯ ИЛИ ДРУГИХ СЕРЬЕЗНЫХ ТРАВМ, ОБРАТИТЕ ОСОБОЕ ВНИМАНИЕ НА ПРЕДОТВРАЩЕНИЕ НЕОЖИДАННОГО ДОСТУПА К БАССЕЙНУ ДЕТЕЙ В ВОЗРАСТЕ ДО 5 ЛЕТ, ОБЕСПЕЧИВ БЕЗОПАСНЫЙ ДОСТУП К НЕМУ И, ВО ВРЕМЯ КУПАНИЯ, ДЕРЖИТЕ ДЕТЕЙ ПОД ПОСТОЯННЫМ НАБЛЮДЕНИЕМ ВЗРОСЛЫХ.
ВНИМАНИЕ: ЧТОБЫ ПРЕДОТВРАТИТЬ СЛУЧАЙНОЕ УТОПЛЕНИЕ ДЕТЕЙ, РЕКОМЕНДУЕТСЯ ОБЕСПЕЧИТЬ ДОСТУП К БАССЕЙНУ ПРИ ПОМОЩИ ЗАЩИТНОГО УСТРОЙСТВА. Пожалуйста, соблюдайте применимые местные нормы. Внимательно прочитайте и сохраните для дальнейшего использования.
UPOZORNĚNÍ! POUŽÍVÁNÍ BAZÉNU PŘEDPOKLÁDÁ DODRŽOVÁNÍ BEZPEČNOSTNÍCH POKYNŮ, KTERÉ JSOU UVEDENY V PŘÍRUČCE PRO PROVOZ A ÚDRŽBU. ABYSTE ZABRÁNILI UTONUTÍ NEBO JINÝM VÁŽNÝM ZRANĚNÍM, VĚNUJTE ZVLÁŠTNÍ POZORNOST ZAMEZENÍ NEČEKANÉHO PŘÍSTUPU DĚTÍ MLADŠÍCH 5 LET DO BAZÉNU TAK, ŽE ZAJISTÍTE PŘÍSTUP DO BAZÉNU A BĚHEM KOUPÁNÍ BUDOU DĚTI POD NEUSTÁLÝM DOHLEDEM DOSPĚLÉ OSOBY.
UPOZORNĚNÍ: ABYSTE ZABRÁNILI UTONUTÍ DĚTÍ, DOPORUČUJEME ZABEZPEČIT PŘÍSTUP K BAZÉNU OCHRANNÝM ZAŘÍZENÍM. Dodržujte všechny příslušné předpisy. Pečlivě si přečtěte a uschovejte pro budoucí použití.
ADVARSEL! BRUKEN AV BASSENGET FORUTSETTER AT SIKKERHETSINSTRUKSJONENE SOM ER BESKREVET I BRUKSANVISNINGEN OG VEDLIKEHOLDSGUIDEN BLIR FULGT. FOR Å FOREBYGGE DRUKNING OG ANDRE ALVORLIGE SKADER MÅ DET SPESIELT PASSES PÅ AT BARN UNDER 5 ÅR IKKE FÅR UVENTET TILGANG TIL BASSENGET VED Å SIKRE TILGANGEN, OG AT BARN ALLTID ER UNDER KONSTANT TILSYN AV EN VOKSEN I BADETIDEN.
VARNING! ANVÄNDNING AV POOL INNEBÄR ATT SÄKERHETSFÖRESKRIFTERNA SOM FINNS I ANVÄNDNINGS- OCH UNDERHÅLLSANVISNINGEN MÅSTE FÖLJAS. FÖR ATT FÖREBYGGA DRUNKNING ELLER ANDRA ALLVARLIGA SKADOR SKA MAN VARA SÄRSKILT UPPMÄRKSAM PÅ ATT FÖRHINDRA ATT BARN UNDER 5 ÅR FÅR OVÄNTAD TILLTRÄDE TILL POOLEN GENOM ATT SÄKRA TILLTRÄDET OCH ATT BARN UNDER BADTIDEN ALLTID STÅR UNDER VUXEN TILLSYN.
VAROITUS! UIMA-ALTAAN KÄYTTÖ EDELLYTTÄÄ, ETTÄ KÄYTTÖ- JA HUOLTO-OHJEISSA KUVATTUJA TURVALLISUUSOHJEITA NOUDATETAAN. HUKKUMISEN JA MUIDEN VAKAVIEN VAMMOJEN EHKÄISEMISEKSI ON KIINNITETTÄVÄ ERITYISTÄ HUOMIOTA SIIHEN, ETTÄ ALLE 5-VUOTIAILLA LAPSILLA EI OLE ODOTTAMATONTA PÄÄSYÄ UIMA-ALTAALLE, JA ETTÄ UINTIAIKANA LAPSET OVAT AINA AIKUISEN VALVONNASSA.
UPOZORNENIE! POUŽÍVANIE BAZÉNA VYŽADUJE DODRŽIAVANIE BEZPEČNOSTNÝCH POKYNOV OPÍSANÝCH V NÁVODE NA PREVÁDZKU A ÚDRŽBU. ABY STE ZABRÁNILI UTOPENIU ALEBO INÝM VÁŽNYM ZRANENIAM, VENUJTE ZVLÁŠTNU POZORNOSŤ TOMU, ABY DETI VO VEKU DO 5 ROKOV NEMALI NEOČAKÁVANÝ PRÍSTUP K BAZÉNU, A POČAS KÚPANIA MAJTE DETI POD NEUSTÁLYM DOHĽADOM DOSPELEJ OSOBY.
OSTRZEŻENIE! KORZYSTANIE Z BASENU WIĄŻE SIĘ Z PRZESTRZEGANIEM INSTRUKCJI BEZPIECZEŃSTWA OPISANYCH W INSTRUKCJI OBSŁUGI I KONSERWACJI. ABY ZAPOBIEC UTONIĘCIU LUB INNYM POWAŻNYM OBRAŻENIOM, NALEŻY ZWRÓCIĆ SZCZEGÓLNĄ UWAGĘ NA UNIEMOŻLIWIENIE DZIECIOM PONIŻEJ 5 ROKU ŻYCIA NIEOCZEKIWANEGO DOSTĘPU DO BASENU, A W CZASIE KĄPIELI DZIECI MUSZĄ BYĆ POD STAŁYM NADZOREM OSOBY DOROSŁEJ.
FIGYELMEZTETÉS! A MEDENCE HASZNÁLATA FELTÉTELEZI A HASZNÁLATI ÉS KARBANTARTÁSI ÚTMUTATÓBAN SZEREPLŐ BIZTONSÁGI UTASÍTÁSOK BETARTÁSÁT. A VÍZBEFULLADÁS VAGY EGYÉB SÚLYOS SÉRÜLÉSEK MEGELŐZÉSE ÉRDEKÉBEN KÜLÖNÖSEN ÜGYELJEN ARRA, HOGY AZ 5 ÉVNÉL FIATALABB GYERMEKEK NE FÉRHESSENEK HOZZÁ VÁRATLANUL A MEDENCÉHEZ, ÉS FÜRDÉS KÖZBEN A GYERMEKEK FOLYAMATOSAN FELNŐTT FELÜGYELETE ALATT ÁLLJANAK.
OPOZORILO! UPORABA BAZENA PREDPOSTAVLJA UPOŠTEVANJE VARNOSTNIH NAVODIL, OPISANIH V PRIROČNIKU ZA UPORABO IN VZDRŽEVANJE. DA BI PREPREČILI UTOPITEV ALI DRUGE HUDE POŠKODBE, POSEBNO POZORNOST NAMENITE PREPREČEVANJU NEPRIČAKOVANEGA DOSTOPA OTROK, MLAJŠIH OD 5 LET, DO BAZENA, IN MED KOPANJEM OTROKE NENEHNO NADZORUJTE.
UPOZORENJE! KORIŠTENJE BAZENA PODRAZUMIJEVA POŠTIVANJE SIGURNOSNIH UPUTA OPISANIH U PRIRUČNIKU ZA RAD I ODRŽAVANJE. DA BISTE SPRIJEČILI UTAPANJE ILI DRUGE TEŠKE OZLJEDE, POSEBNU PAŽNJU POSVETITE SPRJEČAVANJU NEOČEKIVANOG PRISTUPA BAZENU DJECI MLAĐOJ OD 5 GODINA, I TIJEKOM RAZDOBLJA KUPANJA, DRŽITE DJECU POD STALNIM NADZOROM ODRASLE OSOBE.
DİKKAT! BİR YÜZME HAVUZU KULLANMAK, KULLANIM VE BAKIM KILAVUZUNDA AÇIKLANAN GÜVENLİK TALİMATLARINA UYULMASINI GEREKTİRİR. BOĞULMA VEYA DİĞER CİDDİ YARALANMALARI ÖNLEMEK İÇİN 5 YAŞINDAN KÜÇÜK ÇOCUKLARIN HAVUZA BEKLENMEDİK ŞEKİLDE ERİŞİMİNİ ENGELLEMEYE ÖZELLİKLE DİKKAT EDİN VE YÜZME SÜRESİ BOYUNCA ÇOCUKLARI SÜREKLİ OLARAK BİR YETİŞKİNİN GÖZETİMİ ALTINDA TUTUN.
AVERTIZARE! UTILIZAREA UNEI PISCINE IMPLICĂ RESPECTAREA INSTRUCȚIUNILOR DE SIGURANȚĂ DESCRISE ÎN GHIDUL DE OPERARE ȘI ÎNTREȚINERE. PENTRU A PREVENI ÎNECAREA SAU ALTE RĂNIRI GRAVE, ACORDAȚI O ATENȚIE DEOSEBITĂ PREVENIRII ACCESULUI NEAȘTEPTAT AL COPIILOR SUB 5 ANI LA PISCINĂ, PRIN SECURIZAREA ACCESULUI LA ACEASTA ȘI, ÎN TIMPUL PERIOADEI DE BAIE, ȚINEȚI COPIII SUB SUPRAVEGHEREA CONSTANTĂ A UNUI ADULT.
ВНИМАНИЕ! ИЗПОЛЗВАНЕТО НА БАСЕЙН ПРЕДПОЛАГА СПАЗВАНЕ НА ИНСТРУКЦИИТЕ ЗА БЕЗОПАСНОСТ, ОПИСАНИ В РЪКОВОДСТВОТО ЗА ЕКСПЛОАТАЦИЯ И ПОДДРЪЖКА. С ЦЕЛ ДА СЕ ИЗБЕГНАТ УДАВЯНИЯ ИЛИ ДРУГИ СЕРИОЗНИ НАРАНЯВАНИЯ, ОБЪРНЕТЕ СПЕЦИАЛНО ВНИМАНИЕ НА ПРЕДОТВРАТЯВАНЕТО НА НЕОЧАКВАН ДОСТЪП ДО БАСЕЙНА НА ДЕЦА ПОД 5-ГОДИШНА ВЪЗРАСТ И, ПО ВРЕМЕ НА КЪПАНЕ, ДРЪЖТЕ ДЕЦАТА ПОД ПОСТОЯНЕН НАДЗОР ОТ ВЪЗРАСТЕН.
UPOZORENJE! UPOTREBA BAZENA PODRAZUMEVA POŠTOVANJE BEZBEDNOSNIH UPUTSTAVA OPISANIH U VODIČU ZA RAD I ODRŽAVANJE. DA BISTE SPREČILI DAVLJENJE ILI DRUGE OZBILJNE POVREDE, OBRATITE POSEBNU PAŽNJU NA SPREČAVANJE NEOČEKIVANOG PRISTUPA BAZENU DECI MLAĐOJ OD 5 GODINA, A TOKOM KUPANJA, DECA TREBA DA BUDU POD STALNIM NADZOROM ODRASLE OSOBE.
HOIATUS! BASSEINI KASUTAMINE EELDAB KASUTUS- JA HOOLDUSJUHENDIS KIRJELDATUD OHUTUSJUHISTE JÄRGIMIST. UPPUMISE VÕI MUUDE RASKETE VIGASTUSTE VÄLTIMISEKS PÖÖRAKE ERILIST TÄHELEPANU SELLELE, ET ALLA 5-AASTASED LAPSED EI PÄÄSEKS OOTAMATULT BASSEINI JUURDE, NING UJUMISE AJAL HOIDKE LAPSED PIDEVA TÄISKASVANU JÄRELEVALVE ALL.
UPOZORENJE! KORIŠTENJE BAZENA PODRAZUMIJEVA POŠTIVANJE SIGURNOSNIH UPUTA OPISANIH U VODIČU ZA UPORABU I ODRŽAVANJE. KAKO BISTE SPRIJEČILI UTAPANJE ILI DRUGE TEŠKE OZLJEDE, OBRATITE POSEBNU PAŽNJU NA SPRJEČAVANJE NEOČEKIVANOG PRISTUPA BAZENU DJECI MLAĐOJ OD 5 GODINA, A TIJEKOM KUPANJA DRŽITE DJECU POD STALNIM NADZOROM ODRASLE OSOBE.
ТАЛАСЛАЛАРНЫ! БАССЕЙНДЕ ПАЙДАЛАНУ ПАЙДАЛАНУ ЖӘНЕ ТЕХНИКАЛЫҚ ҚЫЗМЕТ КӨРСЕТУ НҰСҚАУЛЫҒЫНДА СИПАТТАЛҒАН ҚАУІПСІЗДІК НҰСҚАУЛАРЫН САҚТАУДЫ БІЛДІРЕДІ. СУҒА БАТУДЫҢ НЕМЕСЕ БАСҚА АУЫР ЖАРАҚАТТАРДЫҢ АЛДЫН АЛУ ҮШІН 5 ЖАСҚА ДЕЙІНГІ БАЛАЛАРДЫҢ БАССЕЙНГЕ КҮТПЕГЕН ЖЕРДЕН КІРУІНЕ ЖОЛ БЕРМЕУГЕ ЕРЕКШЕ НАЗАР АУДАРЫҢЫЗ ЖӘНЕ ШОМЫЛУ КЕЗІНДЕ БАЛАЛАРДЫ ЕРЕСЕКТЕРДІҢ ҮНЕМІ БАҚЫЛАУЫНДА ҰСТАҢЫЗ.
ОПАСНОСТ! УПОТРЕБАТА НА БАЗЕН ПОДРАЗБИРА ПОЧИТУВАЊЕ НА БЕЗБЕДНОСНИТЕ УПАТСТВА ОПИШАНИ ВО ВОДИЧОТ ЗА РАБОТА И ОДРЖУВАЊЕ. ЗА ДА СЕ СПРЕЧИ ДАВЕЊЕ ИЛИ ДРУГИ СЕРИОЗНИ ПОВРЕДИ, ОБРНЕТЕ ПОСЕБНО ВНИМАНИЕ ЗА ДА СЕ СПРЕЧИ НЕОЧЕКУВАН ПРИСТАП ДО БАЗЕНОТ ОД ДЕЦА ПОМЛАДИ ОД 5 ГОДИНИ И ЗА ВРЕМЕ НА КАПЕЊЕТО ДРЖЕТЕ ГИ ДЕЦАТА ПОД ПОСТОЈАН НАДЗОР НА ВОЗРАСЕН.
ТАЙЛБАР! УСАН САН АШИГЛАХ НЬ АШИГЛАЛТ БОЛОН ЗАСВАР ҮЙЛЧИЛГЭЭНИЙ ГАРЫН АВЛАГАД ТАЙЛБАРЛАСАН АЮУЛГҮЙ БАЙДЛЫН ЗААВРЫГ ДАГАХЫГ ШААРДАНА. ЖИВЭХ БОЛОН БУСАД НОЦТОЙ ГЭМТЭЛЭЭС СЭРГИЙЛЭХИЙН ТУЛД 5-ААС ДООШ НАСТАЙ ХҮҮХДИЙГ УСАН САН РУУ ГЭНЭТ НЭВТРЭХЭЭС СЭРГИЙЛЭХЭД ОНЦГОЙ АНХААРАЛ ХАНДУУЛЖ, УСАНД ОРОХ ҮЕД ХҮҮХДИЙГ ТОМ ХҮНИЙ БАЙНГЫН ХЯНАЛТАД БАЙЛГАНА УУ.
КЕЛӘҖӘКЛЕ! HOVUZDAN FOYDALANISH FOYDALANISH VA TEXNIK XIZMAT KO'RSATISH BO'YICHA QO'LLANMADA TAVSIFLANGAN XAVFSIZLIK KO'RSATMALARIGA RIOYA QILISHNI NAZARDA TUTADI. CHO'KISH YOKI BOSHQA JIDDIY JAROHATLARNING OLDINI OLISH UCHUN 5 YOSHGACHA BO'LGAN BOLALARNING HOVUZGA KUTILMAGAN HOLDA KIRISHINING OLDINI OLISHGA ALOHIDA E'TIBOR BERING VA CHO'MILISH VAQTIDA BOLALARNI DOIMO KATTALAR NAZORATI OSTIDA SAQLANG.
WWW.INTEXCORP.COM
3030215429SB_561KGGS_57x148cm ■ Pantone 539 C
